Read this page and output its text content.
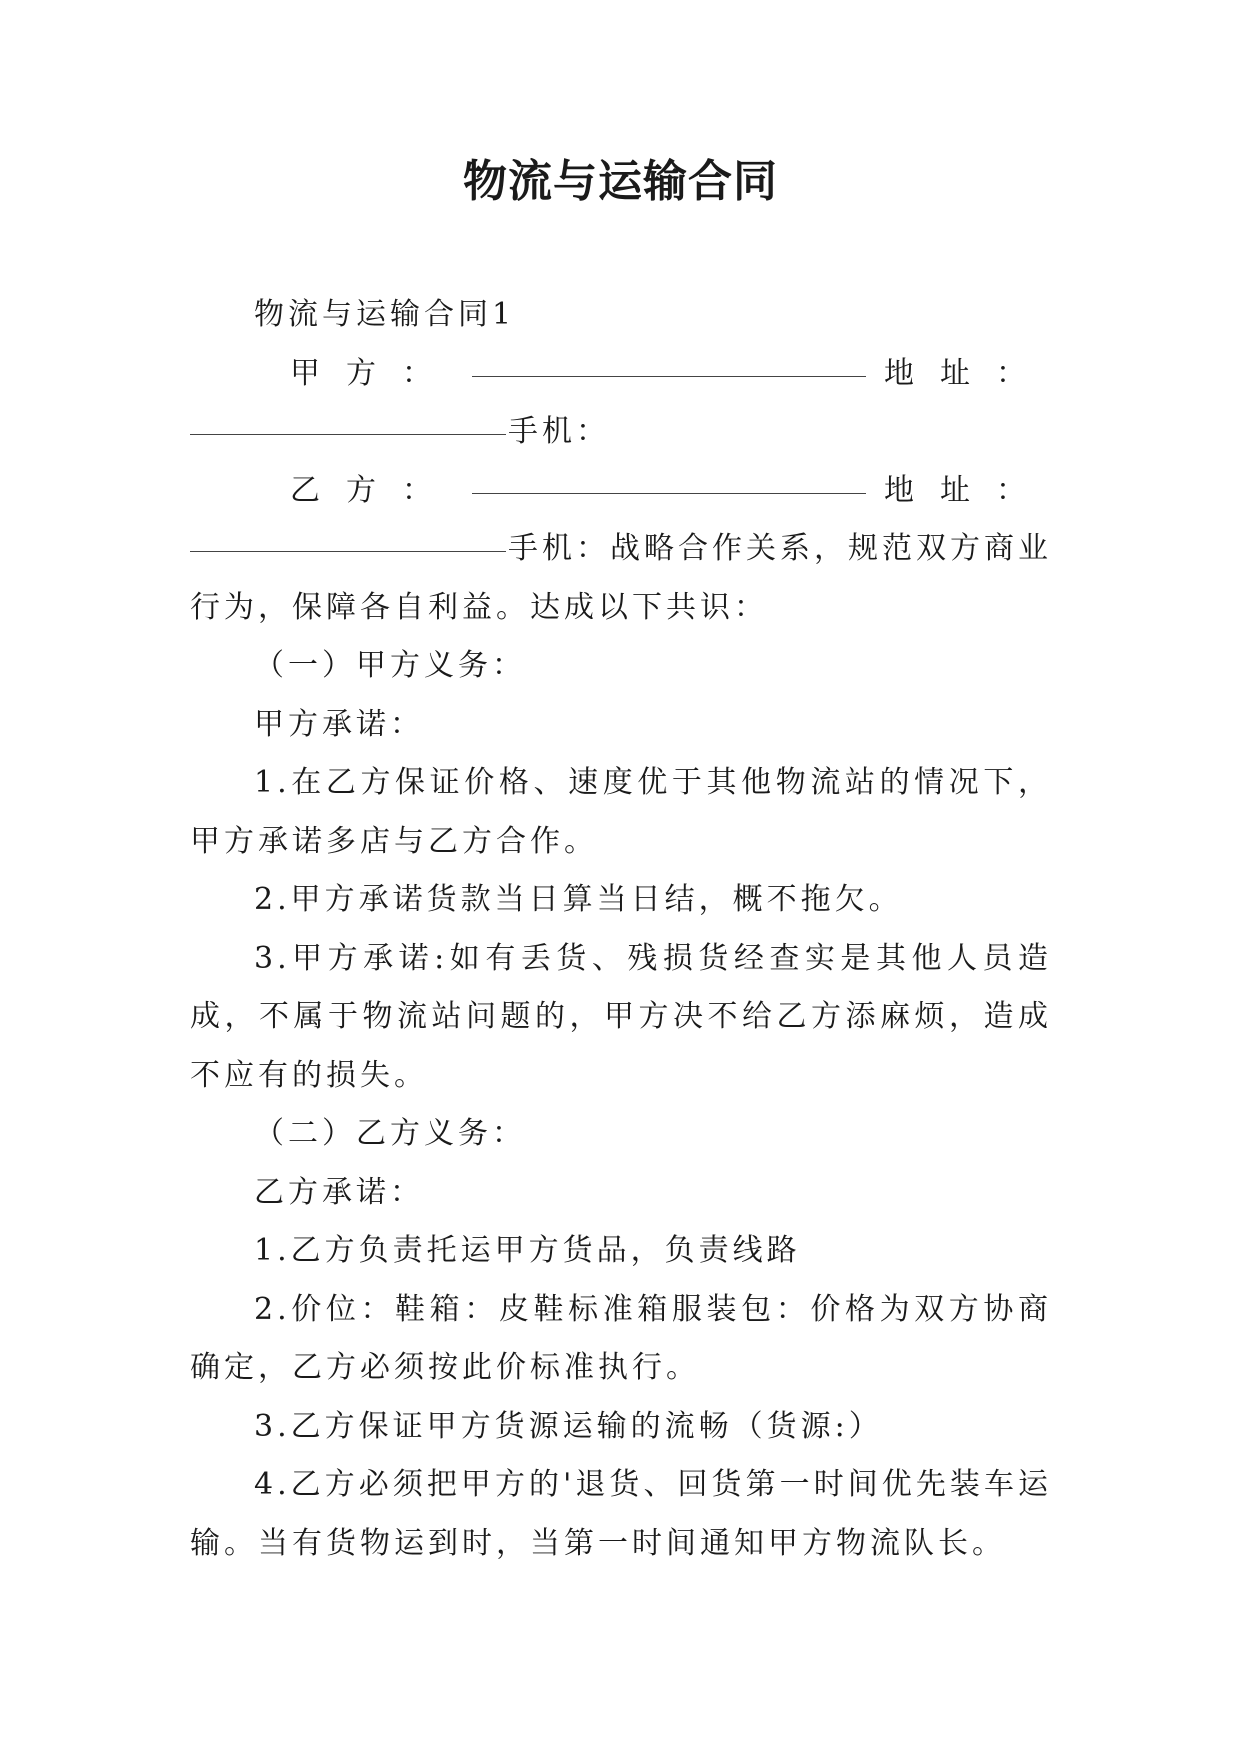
物流与运输合同

物流与运输合同1

甲方：	地址：
手机：
乙方：	地址：
手机：战略合作关系，规范双方商业

行为，保障各自利益。达成以下共识：

（一）甲方义务：

甲方承诺：

1.在乙方保证价格、速度优于其他物流站的情况下，甲方承诺多店与乙方合作。

2.甲方承诺货款当日算当日结，概不拖欠。

3.甲方承诺:如有丢货、残损货经查实是其他人员造成，不属于物流站问题的，甲方决不给乙方添麻烦，造成不应有的损失。

（二）乙方义务：

乙方承诺：

1.乙方负责托运甲方货品，负责线路

2.价位：鞋箱：皮鞋标准箱服装包：价格为双方协商确定，乙方必须按此价标准执行。

3.乙方保证甲方货源运输的流畅（货源:）

4.乙方必须把甲方的'退货、回货第一时间优先装车运输。当有货物运到时，当第一时间通知甲方物流队长。
